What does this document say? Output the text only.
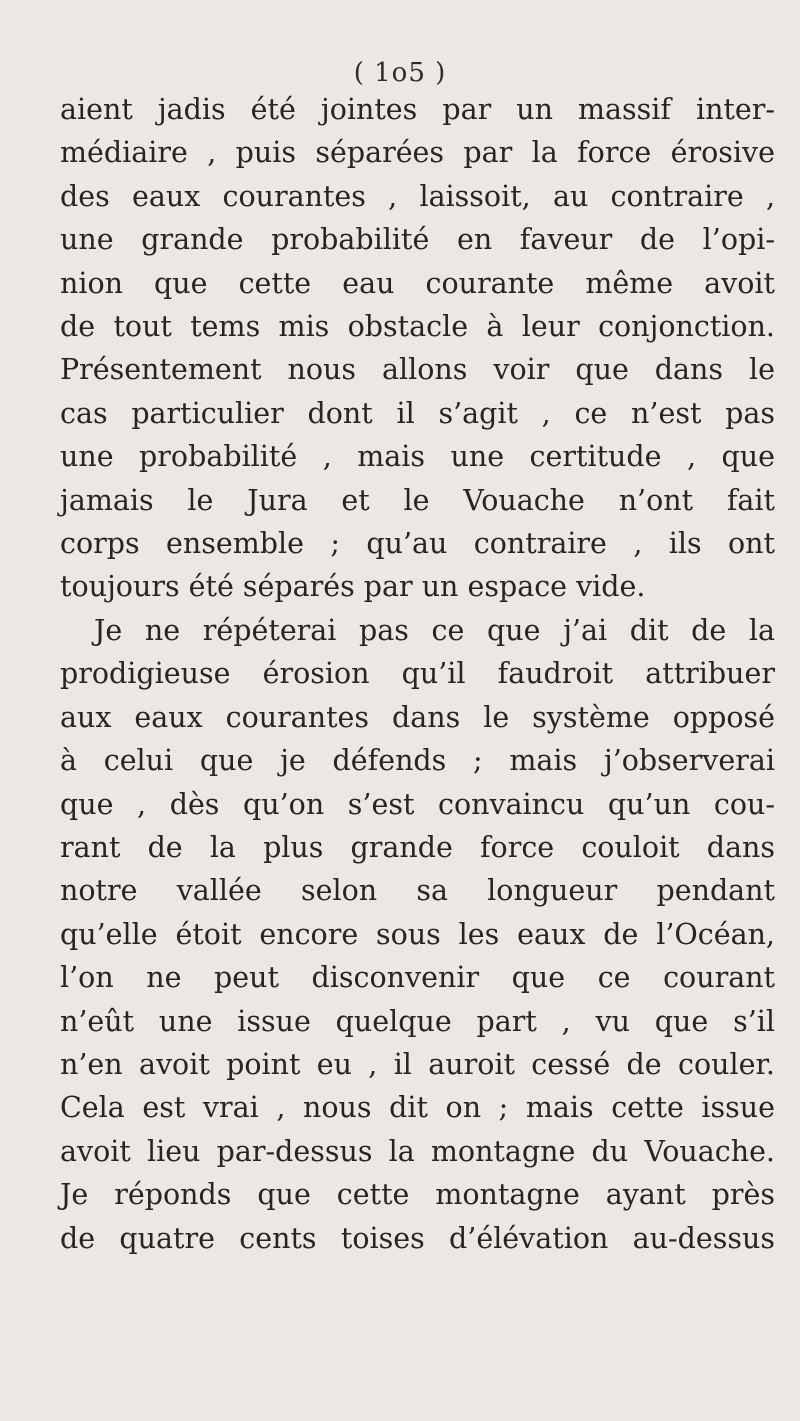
( 1o5 )
aient jadis été jointes par un massif inter-
médiaire , puis séparées par la force érosive
des eaux courantes , laissoit, au contraire ,
une grande probabilité en faveur de l’opi-
nion que cette eau courante même avoit
de tout tems mis obstacle à leur conjonction.
Présentement nous allons voir que dans le
cas particulier dont il s’agit , ce n’est pas
une probabilité , mais une certitude , que
jamais le Jura et le Vouache n’ont fait
corps ensemble ; qu’au contraire , ils ont
toujours été séparés par un espace vide.
Je ne répéterai pas ce que j’ai dit de la
prodigieuse érosion qu’il faudroit attribuer
aux eaux courantes dans le système opposé
à celui que je défends ; mais j’observerai
que , dès qu’on s’est convaincu qu’un cou-
rant de la plus grande force couloit dans
notre vallée selon sa longueur pendant
qu’elle étoit encore sous les eaux de l’Océan,
l’on ne peut disconvenir que ce courant
n’eût une issue quelque part , vu que s’il
n’en avoit point eu , il auroit cessé de couler.
Cela est vrai , nous dit on ; mais cette issue
avoit lieu par-dessus la montagne du Vouache.
Je réponds que cette montagne ayant près
de quatre cents toises d’élévation au-dessus
